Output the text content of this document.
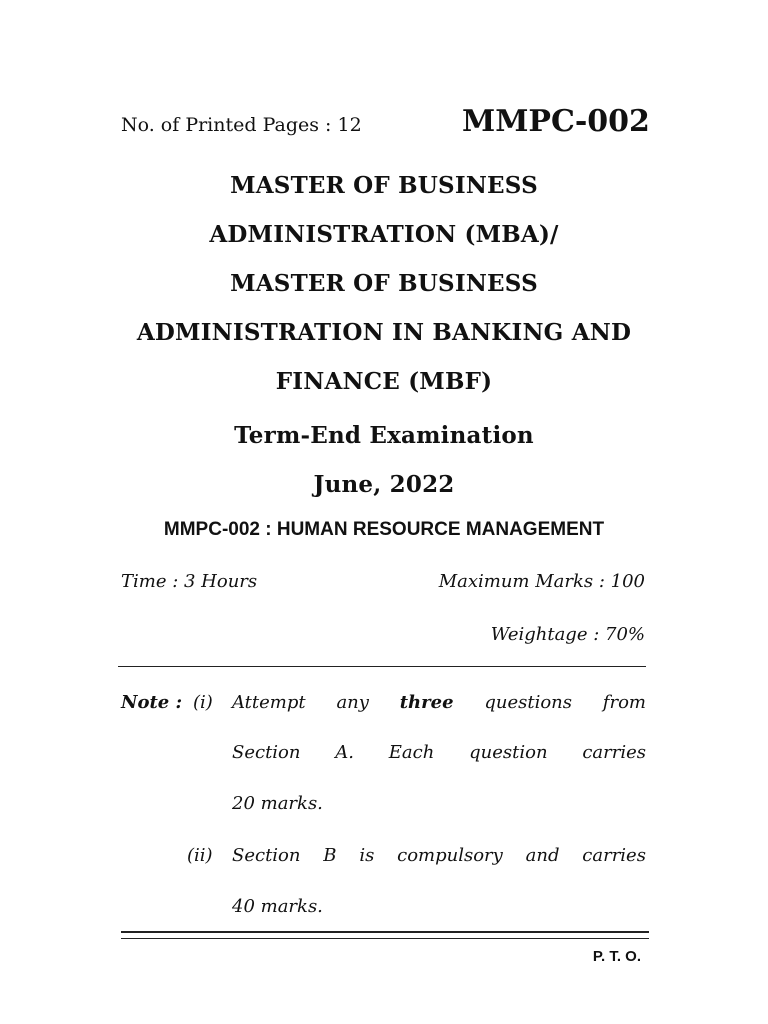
No. of Printed Pages : 12	MMPC-002
MASTER OF BUSINESS
ADMINISTRATION (MBA)/
MASTER OF BUSINESS
ADMINISTRATION IN BANKING AND
FINANCE (MBF)
Term-End Examination
June, 2022
MMPC-002 : HUMAN RESOURCE MANAGEMENT
Time : 3 Hours	Maximum Marks : 100
Weightage : 70%
Note : (i) Attempt any three questions from
Section A. Each question carries
20 marks.
(ii) Section B is compulsory and carries
40 marks.
P. T. O.
